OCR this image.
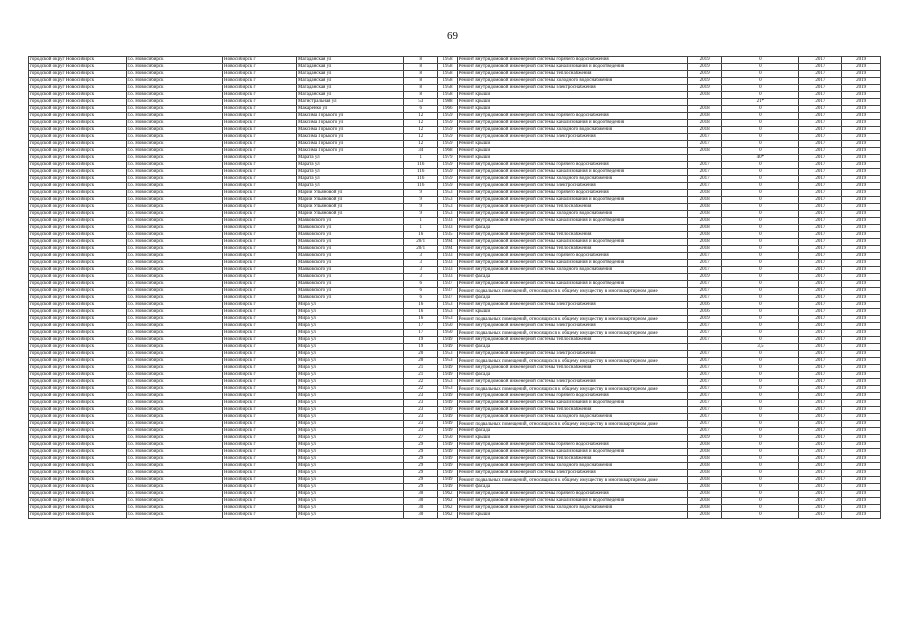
69
городской округ Новосибирск	г.о. Новосибирск	Новосибирск г	Магаданская ул	8	1958	Ремонт внутридомовой инженерной системы горячего водоснабжения	2019	0	2017	2019
городской округ Новосибирск	г.о. Новосибирск	Новосибирск г	Магаданская ул	8	1958	Ремонт внутридомовой инженерной системы канализования и водоотведения	2019	0	2017	2019
городской округ Новосибирск	г.о. Новосибирск	Новосибирск г	Магаданская ул	8	1958	Ремонт внутридомовой инженерной системы теплоснабжения	2019	0	2017	2019
городской округ Новосибирск	г.о. Новосибирск	Новосибирск г	Магаданская ул	8	1958	Ремонт внутридомовой инженерной системы холодного водоснабжения	2019	0	2017	2019
городской округ Новосибирск	г.о. Новосибирск	Новосибирск г	Магаданская ул	8	1958	Ремонт внутридомовой инженерной системы электроснабжения	2019	0	2017	2019
городской округ Новосибирск	г.о. Новосибирск	Новосибирск г	Магаданская ул	8	1958	Ремонт крыши	2018	0	2017	2019
городской округ Новосибирск	г.о. Новосибирск	Новосибирск г	Магистральная ул	53	1988	Ремонт крыши		21*	2017	2019
городской округ Новосибирск	г.о. Новосибирск	Новосибирск г	Макаренко ул	6	1966	Ремонт крыши	2018	0	2017	2019
городской округ Новосибирск	г.о. Новосибирск	Новосибирск г	Максима Горького ул	12	1959	Ремонт внутридомовой инженерной системы горячего водоснабжения	2018	0	2017	2019
городской округ Новосибирск	г.о. Новосибирск	Новосибирск г	Максима Горького ул	12	1959	Ремонт внутридомовой инженерной системы канализования и водоотведения	2018	0	2017	2019
городской округ Новосибирск	г.о. Новосибирск	Новосибирск г	Максима Горького ул	12	1959	Ремонт внутридомовой инженерной системы холодного водоснабжения	2018	0	2017	2019
городской округ Новосибирск	г.о. Новосибирск	Новосибирск г	Максима Горького ул	12	1959	Ремонт внутридомовой инженерной системы электроснабжения	2017	0	2017	2019
городской округ Новосибирск	г.о. Новосибирск	Новосибирск г	Максима Горького ул	12	1959	Ремонт крыши	2017	0	2017	2019
городской округ Новосибирск	г.о. Новосибирск	Новосибирск г	Максима Горького ул	34	1968	Ремонт крыши	2018	0	2017	2019
городской округ Новосибирск	г.о. Новосибирск	Новосибирск г	Марата ул	1	1979	Ремонт крыши		40*	2017	2019
городской округ Новосибирск	г.о. Новосибирск	Новосибирск г	Марата ул	116	1959	Ремонт внутридомовой инженерной системы горячего водоснабжения	2017	0	2017	2019
городской округ Новосибирск	г.о. Новосибирск	Новосибирск г	Марата ул	116	1959	Ремонт внутридомовой инженерной системы канализования и водоотведения	2017	0	2017	2019
городской округ Новосибирск	г.о. Новосибирск	Новосибирск г	Марата ул	116	1959	Ремонт внутридомовой инженерной системы холодного водоснабжения	2017	0	2017	2019
городской округ Новосибирск	г.о. Новосибирск	Новосибирск г	Марата ул	116	1959	Ремонт внутридомовой инженерной системы электроснабжения	2017	0	2017	2019
городской округ Новосибирск	г.о. Новосибирск	Новосибирск г	Марии Ульяновой ул	9	1953	Ремонт внутридомовой инженерной системы горячего водоснабжения	2018	0	2017	2019
городской округ Новосибирск	г.о. Новосибирск	Новосибирск г	Марии Ульяновой ул	9	1953	Ремонт внутридомовой инженерной системы канализования и водоотведения	2018	0	2017	2019
городской округ Новосибирск	г.о. Новосибирск	Новосибирск г	Марии Ульяновой ул	9	1953	Ремонт внутридомовой инженерной системы теплоснабжения	2018	0	2017	2019
городской округ Новосибирск	г.о. Новосибирск	Новосибирск г	Марии Ульяновой ул	9	1953	Ремонт внутридомовой инженерной системы холодного водоснабжения	2018	0	2017	2019
городской округ Новосибирск	г.о. Новосибирск	Новосибирск г	Маяковского ул	1	1933	Ремонт внутридомовой инженерной системы канализования и водоотведения	2018	0	2017	2019
городской округ Новосибирск	г.о. Новосибирск	Новосибирск г	Маяковского ул	1	1933	Ремонт фасада	2018	0	2017	2019
городской округ Новосибирск	г.о. Новосибирск	Новосибирск г	Маяковского ул	16	1935	Ремонт внутридомовой инженерной системы теплоснабжения	2018	0	2017	2019
городской округ Новосибирск	г.о. Новосибирск	Новосибирск г	Маяковского ул	20/1	1994	Ремонт внутридомовой инженерной системы канализования и водоотведения	2018	0	2017	2019
городской округ Новосибирск	г.о. Новосибирск	Новосибирск г	Маяковского ул	20/1	1994	Ремонт внутридомовой инженерной системы теплоснабжения	2018	0	2017	2019
городской округ Новосибирск	г.о. Новосибирск	Новосибирск г	Маяковского ул	3	1933	Ремонт внутридомовой инженерной системы горячего водоснабжения	2017	0	2017	2019
городской округ Новосибирск	г.о. Новосибирск	Новосибирск г	Маяковского ул	3	1933	Ремонт внутридомовой инженерной системы канализования и водоотведения	2017	0	2017	2019
городской округ Новосибирск	г.о. Новосибирск	Новосибирск г	Маяковского ул	3	1933	Ремонт внутридомовой инженерной системы холодного водоснабжения	2017	0	2017	2019
городской округ Новосибирск	г.о. Новосибирск	Новосибирск г	Маяковского ул	3	1933	Ремонт фасада	2019	0	2017	2019
городской округ Новосибирск	г.о. Новосибирск	Новосибирск г	Маяковского ул	6	1937	Ремонт внутридомовой инженерной системы канализования и водоотведения	2017	0	2017	2019
городской округ Новосибирск	г.о. Новосибирск	Новосибирск г	Маяковского ул	6	1937	Ремонт подвальных помещений, относящихся к общему имуществу в многоквартирном доме	2017	0	2017	2019
городской округ Новосибирск	г.о. Новосибирск	Новосибирск г	Маяковского ул	6	1937	Ремонт фасада	2017	0	2017	2019
городской округ Новосибирск	г.о. Новосибирск	Новосибирск г	Мира ул	16	1953	Ремонт внутридомовой инженерной системы электроснабжения	2016	0	2017	2019
городской округ Новосибирск	г.о. Новосибирск	Новосибирск г	Мира ул	16	1953	Ремонт крыши	2016	0	2017	2019
городской округ Новосибирск	г.о. Новосибирск	Новосибирск г	Мира ул	16	1953	Ремонт подвальных помещений, относящихся к общему имуществу в многоквартирном доме	2019	0	2017	2019
городской округ Новосибирск	г.о. Новосибирск	Новосибирск г	Мира ул	17	1950	Ремонт внутридомовой инженерной системы электроснабжения	2017	0	2017	2019
городской округ Новосибирск	г.о. Новосибирск	Новосибирск г	Мира ул	17	1950	Ремонт подвальных помещений, относящихся к общему имуществу в многоквартирном доме	2017	0	2017	2019
городской округ Новосибирск	г.о. Новосибирск	Новосибирск г	Мира ул	19	1949	Ремонт внутридомовой инженерной системы теплоснабжения	2017	0	2017	2019
городской округ Новосибирск	г.о. Новосибирск	Новосибирск г	Мира ул	19	1949	Ремонт фасада		3,5	2017	2019
городской округ Новосибирск	г.о. Новосибирск	Новосибирск г	Мира ул	20	1953	Ремонт внутридомовой инженерной системы электроснабжения	2017	0	2017	2019
городской округ Новосибирск	г.о. Новосибирск	Новосибирск г	Мира ул	20	1953	Ремонт подвальных помещений, относящихся к общему имуществу в многоквартирном доме	2017	0	2017	2019
городской округ Новосибирск	г.о. Новосибирск	Новосибирск г	Мира ул	21	1949	Ремонт внутридомовой инженерной системы теплоснабжения	2017	0	2017	2019
городской округ Новосибирск	г.о. Новосибирск	Новосибирск г	Мира ул	21	1949	Ремонт фасада	2017	0	2017	2019
городской округ Новосибирск	г.о. Новосибирск	Новосибирск г	Мира ул	22	1953	Ремонт внутридомовой инженерной системы электроснабжения	2017	0	2017	2019
городской округ Новосибирск	г.о. Новосибирск	Новосибирск г	Мира ул	22	1953	Ремонт подвальных помещений, относящихся к общему имуществу в многоквартирном доме	2017	0	2017	2019
городской округ Новосибирск	г.о. Новосибирск	Новосибирск г	Мира ул	23	1949	Ремонт внутридомовой инженерной системы горячего водоснабжения	2017	0	2017	2019
городской округ Новосибирск	г.о. Новосибирск	Новосибирск г	Мира ул	23	1949	Ремонт внутридомовой инженерной системы канализования и водоотведения	2017	0	2017	2019
городской округ Новосибирск	г.о. Новосибирск	Новосибирск г	Мира ул	23	1949	Ремонт внутридомовой инженерной системы теплоснабжения	2017	0	2017	2019
городской округ Новосибирск	г.о. Новосибирск	Новосибирск г	Мира ул	23	1949	Ремонт внутридомовой инженерной системы холодного водоснабжения	2017	0	2017	2019
городской округ Новосибирск	г.о. Новосибирск	Новосибирск г	Мира ул	23	1949	Ремонт подвальных помещений, относящихся к общему имуществу в многоквартирном доме	2017	0	2017	2019
городской округ Новосибирск	г.о. Новосибирск	Новосибирск г	Мира ул	23	1949	Ремонт фасада	2017	0	2017	2019
городской округ Новосибирск	г.о. Новосибирск	Новосибирск г	Мира ул	27	1950	Ремонт крыши	2019	0	2017	2019
городской округ Новосибирск	г.о. Новосибирск	Новосибирск г	Мира ул	29	1949	Ремонт внутридомовой инженерной системы горячего водоснабжения	2018	0	2017	2019
городской округ Новосибирск	г.о. Новосибирск	Новосибирск г	Мира ул	29	1949	Ремонт внутридомовой инженерной системы канализования и водоотведения	2018	0	2017	2019
городской округ Новосибирск	г.о. Новосибирск	Новосибирск г	Мира ул	29	1949	Ремонт внутридомовой инженерной системы теплоснабжения	2018	0	2017	2019
городской округ Новосибирск	г.о. Новосибирск	Новосибирск г	Мира ул	29	1949	Ремонт внутридомовой инженерной системы холодного водоснабжения	2018	0	2017	2019
городской округ Новосибирск	г.о. Новосибирск	Новосибирск г	Мира ул	29	1949	Ремонт внутридомовой инженерной системы электроснабжения	2018	0	2017	2019
городской округ Новосибирск	г.о. Новосибирск	Новосибирск г	Мира ул	29	1949	Ремонт подвальных помещений, относящихся к общему имуществу в многоквартирном доме	2018	0	2017	2019
городской округ Новосибирск	г.о. Новосибирск	Новосибирск г	Мира ул	29	1949	Ремонт фасада	2018	0	2017	2019
городской округ Новосибирск	г.о. Новосибирск	Новосибирск г	Мира ул	30	1962	Ремонт внутридомовой инженерной системы горячего водоснабжения	2018	0	2017	2019
городской округ Новосибирск	г.о. Новосибирск	Новосибирск г	Мира ул	30	1962	Ремонт внутридомовой инженерной системы канализования и водоотведения	2018	0	2017	2019
городской округ Новосибирск	г.о. Новосибирск	Новосибирск г	Мира ул	30	1962	Ремонт внутридомовой инженерной системы холодного водоснабжения	2018	0	2017	2019
городской округ Новосибирск	г.о. Новосибирск	Новосибирск г	Мира ул	30	1962	Ремонт крыши	2018	0	2017	2019
